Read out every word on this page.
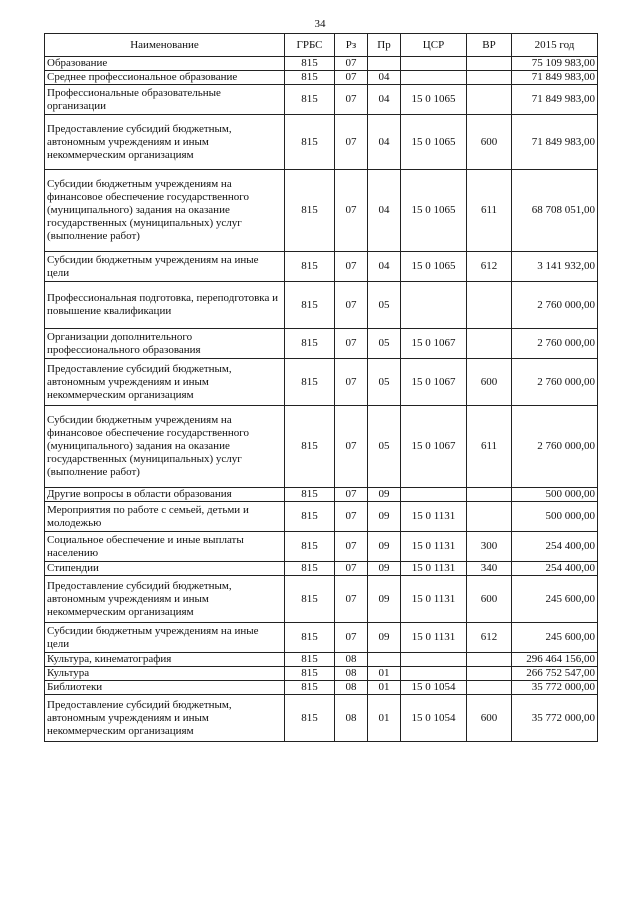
34
Наименование	ГРБС	Рз	Пр	ЦСР	ВР	2015 год
Образование	815	07				75 109 983,00
Среднее профессиональное образование	815	07	04			71 849 983,00
Профессиональные образовательные организации	815	07	04	15 0 1065		71 849 983,00
Предоставление субсидий бюджетным, автономным учреждениям и иным некоммерческим организациям	815	07	04	15 0 1065	600	71 849 983,00
Субсидии бюджетным учреждениям на финансовое обеспечение государственного (муниципального) задания на оказание государственных (муниципальных) услуг (выполнение работ)	815	07	04	15 0 1065	611	68 708 051,00
Субсидии бюджетным учреждениям на иные цели	815	07	04	15 0 1065	612	3 141 932,00
Профессиональная подготовка, переподготовка и повышение квалификации	815	07	05			2 760 000,00
Организации дополнительного профессионального образования	815	07	05	15 0 1067		2 760 000,00
Предоставление субсидий бюджетным, автономным учреждениям и иным некоммерческим организациям	815	07	05	15 0 1067	600	2 760 000,00
Субсидии бюджетным учреждениям на финансовое обеспечение государственного (муниципального) задания на оказание государственных (муниципальных) услуг (выполнение работ)	815	07	05	15 0 1067	611	2 760 000,00
Другие вопросы в области образования	815	07	09			500 000,00
Мероприятия по работе с семьей, детьми и молодежью	815	07	09	15 0 1131		500 000,00
Социальное обеспечение и иные выплаты населению	815	07	09	15 0 1131	300	254 400,00
Стипендии	815	07	09	15 0 1131	340	254 400,00
Предоставление субсидий бюджетным, автономным учреждениям и иным некоммерческим организациям	815	07	09	15 0 1131	600	245 600,00
Субсидии бюджетным учреждениям на иные цели	815	07	09	15 0 1131	612	245 600,00
Культура, кинематография	815	08				296 464 156,00
Культура	815	08	01			266 752 547,00
Библиотеки	815	08	01	15 0 1054		35 772 000,00
Предоставление субсидий бюджетным, автономным учреждениям и иным некоммерческим организациям	815	08	01	15 0 1054	600	35 772 000,00
